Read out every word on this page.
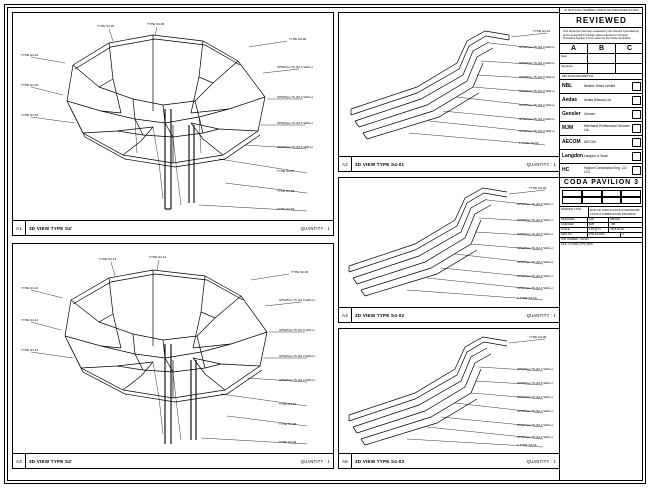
TYPE S4-01
TYPE S4-02
TYPE S4-03
TYPE S4-04	TYPE S4-05
TYPE S4-06
SHS/Pipe 76 (42.4 WALL)
SHS/Pipe 76 (42.4 WALL)
SHS/Pipe 76 (42.4 WALL)
SHS/Pipe 76 (42.4 WALL)
TYPE S4-07
TYPE S4-08
TYPE S4-09
A1	3D VIEW TYPE S4'	QUANTITY : 1
TYPE S4-10
TYPE S4-11
TYPE S4-12
TYPE S4-13	TYPE S4-14
TYPE S4-06
SHS/Pipe 76 (42.4 WALL)
SHS/Pipe 76 (42.4 WALL)
SHS/Pipe 76 (42.4 WALL)
SHS/Pipe 76 (42.4 WALL)
TYPE S4-07
TYPE S4-08
TYPE S4-09
A3	3D VIEW TYPE S4'	QUANTITY : 1
TYPE S4-01
SHS/Pipe 76 (42.4 WALL)
SHS/Pipe 76 (42.4 WALL)
SHS/Pipe 76 (42.4 WALL)
SHS/Pipe 76 (42.4 WALL)
SHS/Pipe 76 (42.4 WALL)
SHS/Pipe 76 (42.4 WALL)
SHS/Pipe 76 (42.4 WALL)
L TYPE S4-02
A2	3D VIEW TYPE S4-01	QUANTITY : 1
TYPE S4-03
SHS/Pipe 76 (42.4 WALL)
SHS/Pipe 76 (42.4 WALL)
SHS/Pipe 76 (42.4 WALL)
SHS/Pipe 76 (42.4 WALL)
SHS/Pipe 76 (42.4 WALL)
SHS/Pipe 76 (42.4 WALL)
SHS/Pipe 76 (42.4 WALL)
L TYPE S4-04
A4	3D VIEW TYPE S4-02	QUANTITY : 1
TYPE S4-05
SHS/Pipe 76 (42.4 WALL)
SHS/Pipe 76 (42.4 WALL)
SHS/Pipe 76 (42.4 WALL)
SHS/Pipe 76 (42.4 WALL)
SHS/Pipe 76 (42.4 WALL)
SHS/Pipe 76 (42.4 WALL)
L TYPE S4-06
A5	3D VIEW TYPE S4-03	QUANTITY : 1
IF NOT FULL SCREEN, PRINT AS INDICATED IN STD
REVIEWED
This document has been reviewed by the relevant Consultant(s) and is accepted for Design status referred to in Project Procedure Section 5.4 for action by the Trade Contractor.
A	B	C
Date :
Signature :
REV DATE DESCRIPTION
NBL	Newton Direct Limited
Aedas	Aedas (Macao) Ltd.
Gensler	Gensler
MJM	Meinhardt Professional Services Ltd.
AECOM	AECOM
Langdon Langdon & Seah
HC	Haiylon Construction Eng. CO. LTD.
CODA PAVILION 3
DRAWING TITLE	RUN-OF CIRCULATION FORMWORK LAYOUT FABRICATION DRAWING
DESIGNED	CAD	DRAWN
CHECKED	SDB	JKB
SCALE	1:20 @ A1	2012-05-18
DWG NO	CPB-S4-0025	A
JOB NUMBER : 012345
FILE : P-CODA_PV3_DWG
